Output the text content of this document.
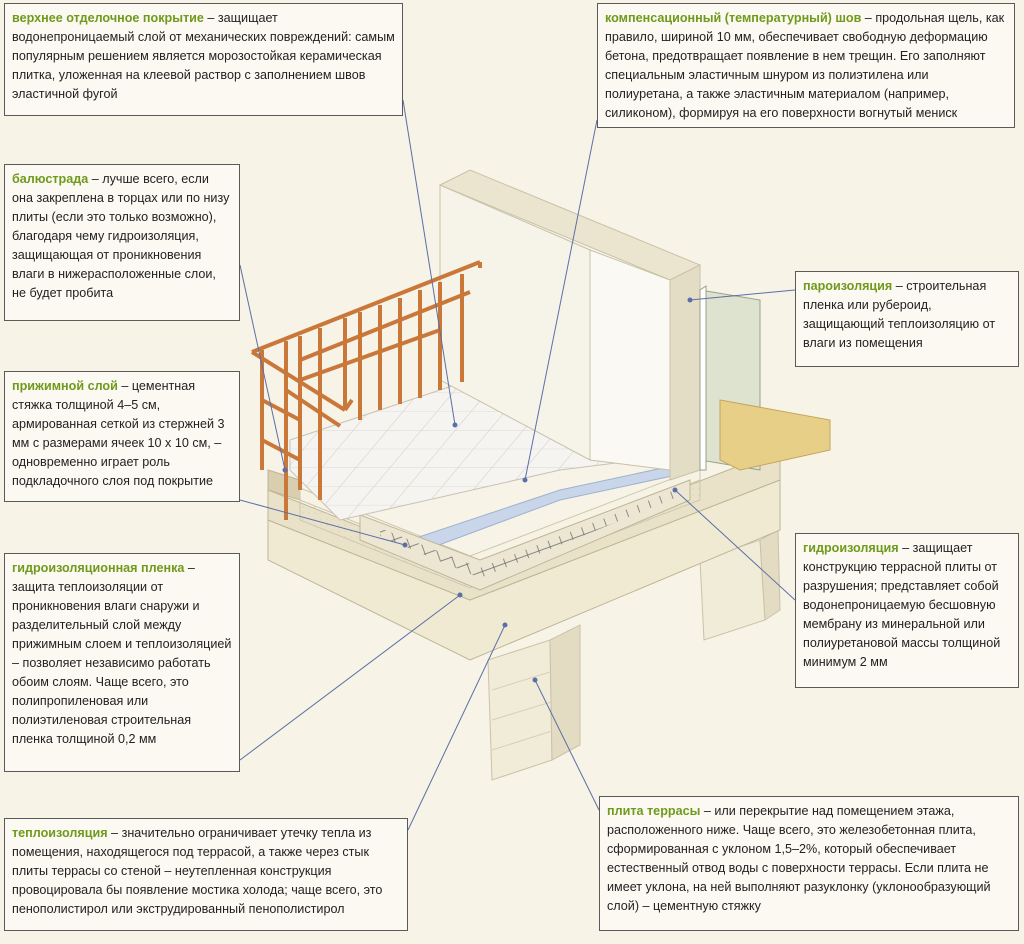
верхнее отделочное покрытие – защищает водонепроницаемый слой от механических повреждений: самым популярным решением является морозостойкая керамическая плитка, уложенная на клеевой раствор с заполнением швов эластичной фугой
компенсационный (температурный) шов – продольная щель, как правило, шириной 10 мм, обеспечивает свободную деформацию бетона, предотвращает появление в нем трещин. Его заполняют специальным эластичным шнуром из полиэтилена или полиуретана, а также эластичным материалом (например, силиконом), формируя на его поверхности вогнутый мениск
балюстрада – лучше всего, если она закреплена в торцах или по низу плиты (если это только возможно), благодаря чему гидроизоляция, защищающая от проникновения влаги в нижерасположенные слои, не будет пробита	пароизоляция – строительная пленка или рубероид, защищающий теплоизоляцию от влаги из помещения
прижимной слой – цементная стяжка толщиной 4–5 см, армированная сеткой из стержней 3 мм с размерами ячеек 10 х 10 см, – одновременно играет роль подкладочного слоя под покрытие
гидроизоляционная пленка – защита теплоизоляции от проникновения влаги снаружи и разделительный слой между прижимным слоем и теплоизоляцией – позволяет независимо работать обоим слоям. Чаще всего, это полипропиленовая или полиэтиленовая строительная пленка толщиной 0,2 мм
гидроизоляция – защищает конструкцию террасной плиты от разрушения; представляет собой водонепроницаемую бесшовную мембрану из минеральной или полиуретановой массы толщиной минимум 2 мм
теплоизоляция – значительно ограничивает утечку тепла из помещения, находящегося под террасой, а также через стык плиты террасы со стеной – неутепленная конструкция провоцировала бы появление мостика холода; чаще всего, это пенополистирол или экструдированный пенополистирол
плита террасы – или перекрытие над помещением этажа, расположенного ниже. Чаще всего, это железобетонная плита, сформированная с уклоном 1,5–2%, который обеспечивает естественный отвод воды с поверхности террасы. Если плита не имеет уклона, на ней выполняют разуклонку (уклонообразующий слой) – цементную стяжку
